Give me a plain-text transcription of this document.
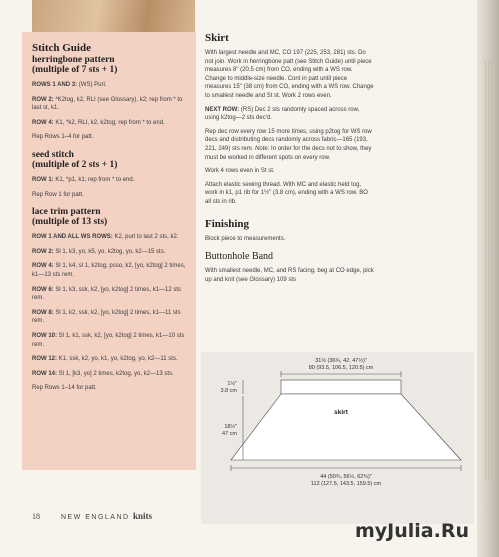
Stitch Guide
herringbone pattern
(multiple of 7 sts + 1)

ROWS 1 AND 3: (WS) Purl.

ROW 2: *K2tog, k2, RLI (see Glossary), k2; rep from * to last st, k1.

ROW 4: K1, *k2, RLI, k2, k2tog; rep from * to end.

Rep Rows 1–4 for patt.

seed stitch
(multiple of 2 sts + 1)

ROW 1: K1, *p1, k1; rep from * to end.

Rep Row 1 for patt.

lace trim pattern
(multiple of 13 sts)

ROW 1 AND ALL WS ROWS: K2, purl to last 2 sts, k2.

ROW 2: Sl 1, k3, yo, k5, yo, k2tog, yo, k2—15 sts.

ROW 4: Sl 1, k4, sl 1, k2tog, psso, k2, [yo, k2tog] 2 times, k1—13 sts rem.

ROW 6: Sl 1, k3, ssk, k2, [yo, k2tog] 2 times, k1—12 sts rem.

ROW 8: Sl 1, k2, ssk, k2, [yo, k2tog] 2 times, k1—11 sts rem.

ROW 10: Sl 1, k1, ssk, k2, [yo, k2tog] 2 times, k1—10 sts rem.

ROW 12: K1, ssk, k2, yo, k1, yo, k2tog, yo, k2—11 sts.

ROW 14: Sl 1, [k3, yo] 2 times, k2tog, yo, k2—13 sts.

Rep Rows 1–14 for patt.

Skirt

With largest needle and MC, CO 197 (225, 253, 281) sts. Do not join. Work in herringbone patt (see Stitch Guide) until piece measures 8" (20.5 cm) from CO, ending with a WS row. Change to middle-size needle. Cont in patt until piece measures 15" (38 cm) from CO, ending with a WS row. Change to smallest needle and St st. Work 2 rows even.

NEXT ROW: (RS) Dec 2 sts randomly spaced across row, using k2tog—2 sts dec'd.

Rep dec row every row 15 more times, using p2tog for WS row decs and distributing decs randomly across fabric—165 (193, 221, 249) sts rem. Note: In order for the decs not to show, they must be worked in different spots on every row.

Work 4 rows even in St st.

Attach elastic sewing thread. With MC and elastic held tog, work in k1, p1 rib for 1½" (3.8 cm), ending with a WS row. BO all sts in rib.

Finishing

Block piece to measurements.

Buttonhole Band

With smallest needle, MC, and RS facing, beg at CO edge, pick up and knit (see Glossary) 109 sts

31½ (36¾, 42, 47½)"
80 (93.5, 106.5, 120.5) cm
skirt
1½"
3.8 cm
18½"
47 cm
44 (50¾, 56½, 62¾)"
112 (127.5, 143.5, 159.5) cm
18	NEW ENGLAND knits
myJulia.Ru
